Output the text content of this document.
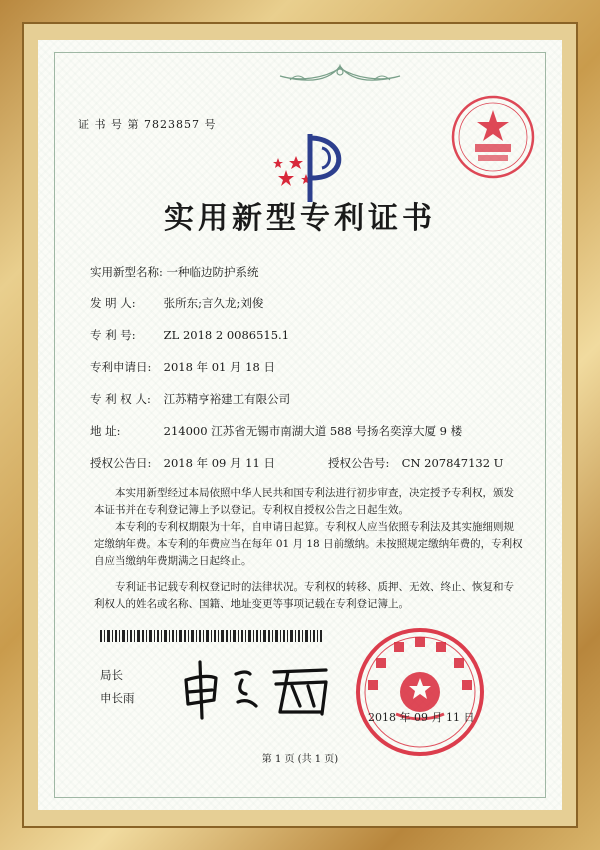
证 书 号 第 7823857 号
实用新型专利证书
实用新型名称: 一种临边防护系统
发 明 人: 张所东;言久龙;刘俊
专 利 号: ZL 2018 2 0086515.1
专利申请日: 2018 年 01 月 18 日
专 利 权 人: 江苏精亨裕建工有限公司
地 址:	214000 江苏省无锡市南湖大道 588 号扬名奕淳大厦 9 楼
授权公告日: 2018 年 09 月 11 日	授权公告号: CN 207847132 U

本实用新型经过本局依照中华人民共和国专利法进行初步审查，决定授予专利权，颁发本证书并在专利登记簿上予以登记。专利权自授权公告之日起生效。

本专利的专利权期限为十年，自申请日起算。专利权人应当依照专利法及其实施细则规定缴纳年费。本专利的年费应当在每年 01 月 18 日前缴纳。未按照规定缴纳年费的，专利权自应当缴纳年费期满之日起终止。

专利证书记载专利权登记时的法律状况。专利权的转移、质押、无效、终止、恢复和专利权人的姓名或名称、国籍、地址变更等事项记载在专利登记簿上。

局长
申长雨
2018 年 09 月 11 日
第 1 页 (共 1 页)
